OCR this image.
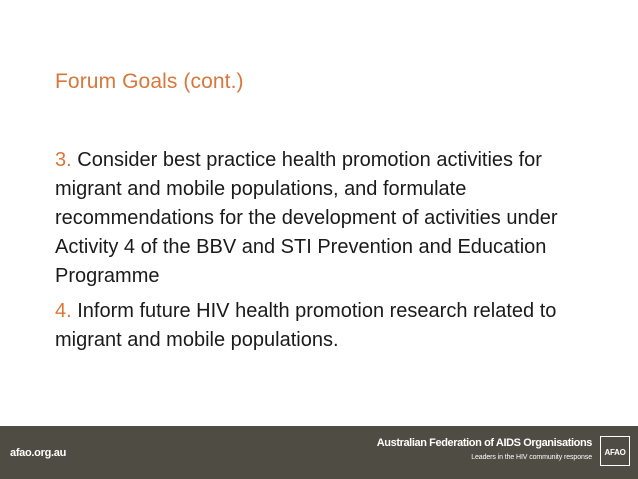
Forum Goals (cont.)

3. Consider best practice health promotion activities for migrant and mobile populations, and formulate recommendations for the development of activities under Activity 4 of the BBV and STI Prevention and Education Programme

4. Inform future HIV health promotion research related to migrant and mobile populations.

afao.org.au
Australian Federation of AIDS Organisations
Leaders in the HIV community response
AFAO
